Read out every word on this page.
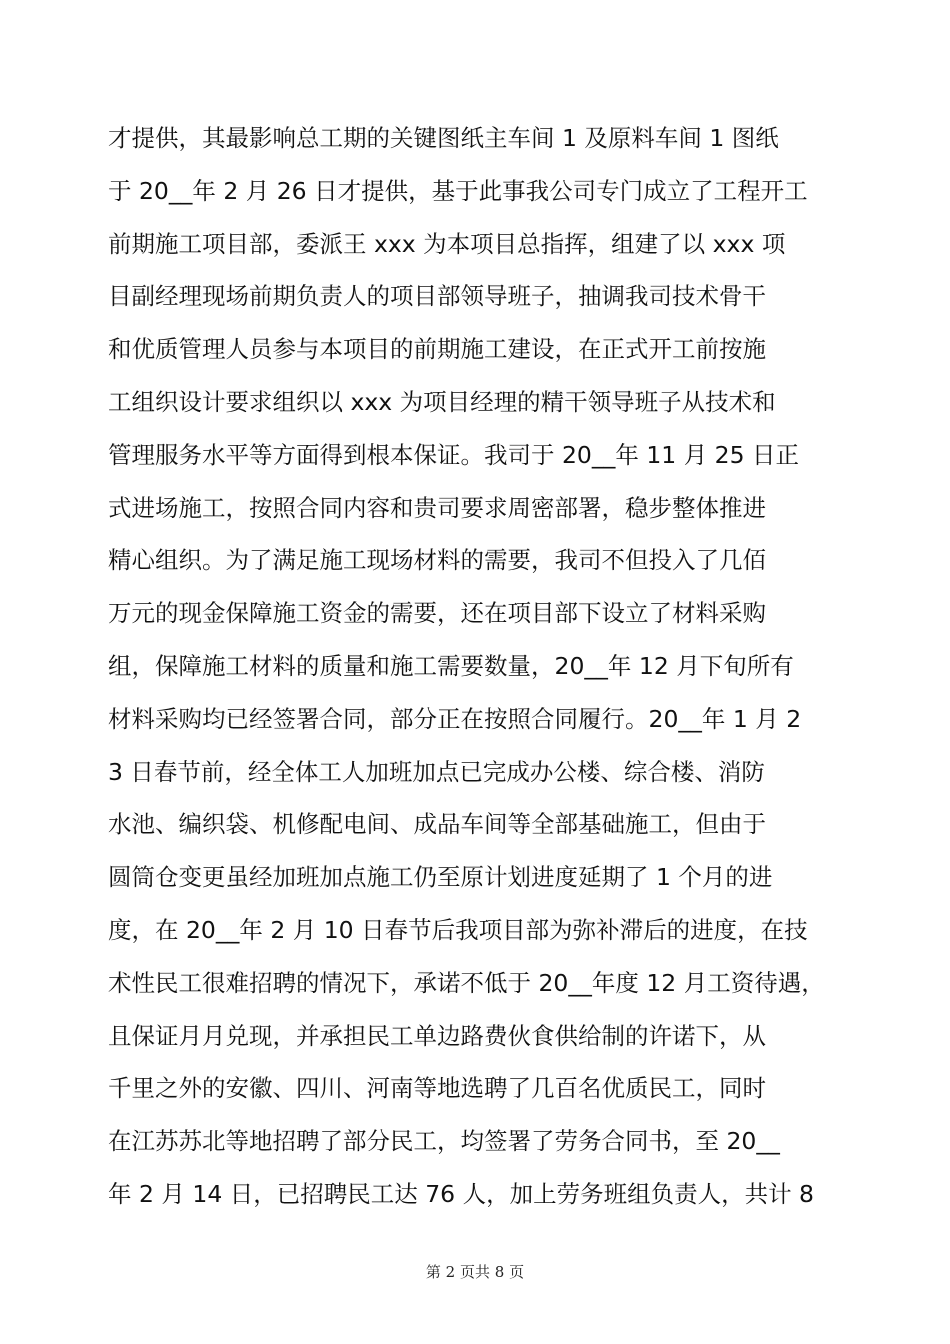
才提供，其最影响总工期的关键图纸主车间 1 及原料车间 1 图纸
于 20__年 2 月 26 日才提供，基于此事我公司专门成立了工程开工
前期施工项目部，委派王 xxx 为本项目总指挥，组建了以 xxx 项
目副经理现场前期负责人的项目部领导班子，抽调我司技术骨干
和优质管理人员参与本项目的前期施工建设，在正式开工前按施
工组织设计要求组织以 xxx 为项目经理的精干领导班子从技术和
管理服务水平等方面得到根本保证。我司于 20__年 11 月 25 日正
式进场施工，按照合同内容和贵司要求周密部署，稳步整体推进
精心组织。为了满足施工现场材料的需要，我司不但投入了几佰
万元的现金保障施工资金的需要，还在项目部下设立了材料采购
组，保障施工材料的质量和施工需要数量，20__年 12 月下旬所有
材料采购均已经签署合同，部分正在按照合同履行。20__年 1 月 2
3 日春节前，经全体工人加班加点已完成办公楼、综合楼、消防
水池、编织袋、机修配电间、成品车间等全部基础施工，但由于
圆筒仓变更虽经加班加点施工仍至原计划进度延期了 1 个月的进
度，在 20__年 2 月 10 日春节后我项目部为弥补滞后的进度，在技
术性民工很难招聘的情况下，承诺不低于 20__年度 12 月工资待遇，
且保证月月兑现，并承担民工单边路费伙食供给制的许诺下，从
千里之外的安徽、四川、河南等地选聘了几百名优质民工，同时
在江苏苏北等地招聘了部分民工，均签署了劳务合同书，至 20__
年 2 月 14 日，已招聘民工达 76 人，加上劳务班组负责人，共计 8
第 2 页共 8 页
